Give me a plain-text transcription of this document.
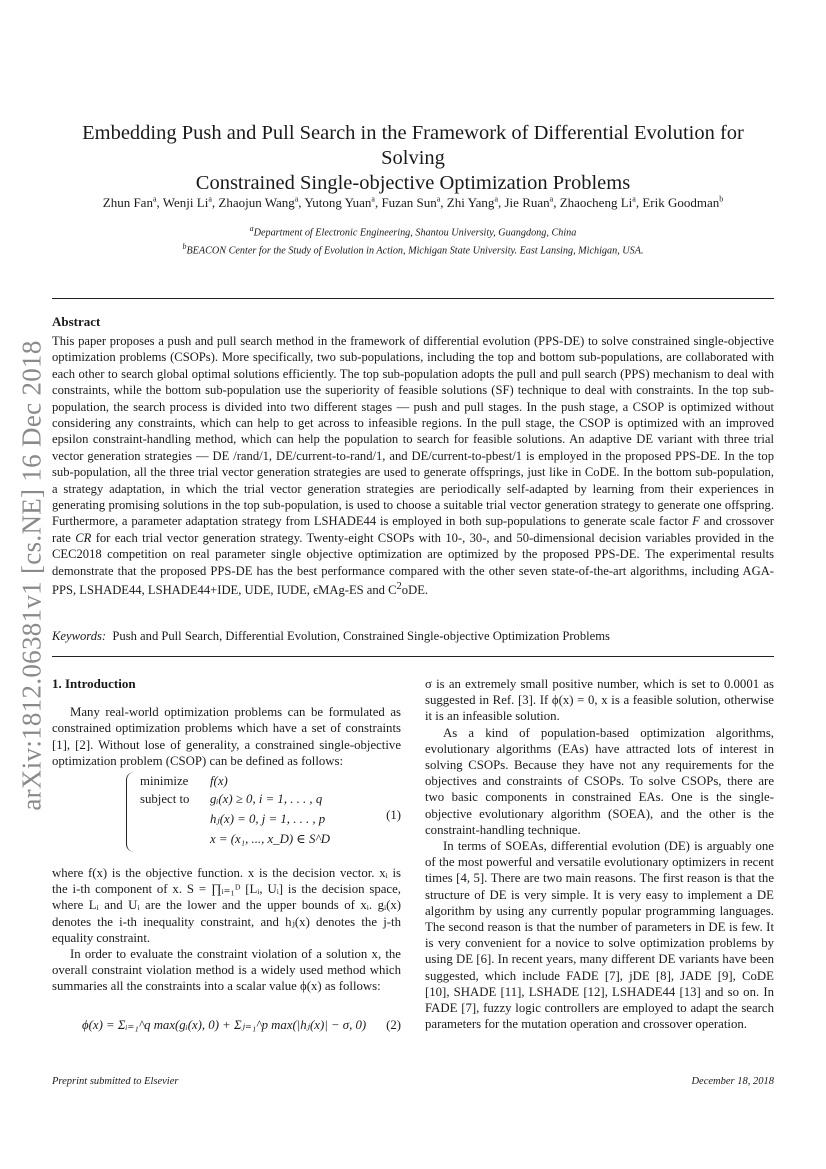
arXiv:1812.06381v1 [cs.NE] 16 Dec 2018
Embedding Push and Pull Search in the Framework of Differential Evolution for Solving
Constrained Single-objective Optimization Problems
Zhun Fan$^a$, Wenji Li$^a$, Zhaojun Wang$^a$, Yutong Yuan$^a$, Fuzan Sun$^a$, Zhi Yang$^a$, Jie Ruan$^a$, Zhaocheng Li$^a$, Erik Goodman$^b$
$^a$Department of Electronic Engineering, Shantou University, Guangdong, China
$^b$BEACON Center for the Study of Evolution in Action, Michigan State University. East Lansing, Michigan, USA.
Abstract
This paper proposes a push and pull search method in the framework of differential evolution (PPS-DE) to solve constrained single-objective optimization problems (CSOPs). More specifically, two sub-populations, including the top and bottom sub-populations, are collaborated with each other to search global optimal solutions efficiently. The top sub-population adopts the pull and pull search (PPS) mechanism to deal with constraints, while the bottom sub-population use the superiority of feasible solutions (SF) technique to deal with constraints. In the top sub-population, the search process is divided into two different stages — push and pull stages. In the push stage, a CSOP is optimized without considering any constraints, which can help to get across to infeasible regions. In the pull stage, the CSOP is optimized with an improved epsilon constraint-handling method, which can help the population to search for feasible solutions. An adaptive DE variant with three trial vector generation strategies — DE /rand/1, DE/current-to-rand/1, and DE/current-to-pbest/1 is employed in the proposed PPS-DE. In the top sub-population, all the three trial vector generation strategies are used to generate offsprings, just like in CoDE. In the bottom sub-population, a strategy adaptation, in which the trial vector generation strategies are periodically self-adapted by learning from their experiences in generating promising solutions in the top sub-population, is used to choose a suitable trial vector generation strategy to generate one offspring. Furthermore, a parameter adaptation strategy from LSHADE44 is employed in both sup-populations to generate scale factor F and crossover rate CR for each trial vector generation strategy. Twenty-eight CSOPs with 10-, 30-, and 50-dimensional decision variables provided in the CEC2018 competition on real parameter single objective optimization are optimized by the proposed PPS-DE. The experimental results demonstrate that the proposed PPS-DE has the best performance compared with the other seven state-of-the-art algorithms, including AGA-PPS, LSHADE44, LSHADE44+IDE, UDE, IUDE, ϵMAg-ES and $C^2oDE$.
Keywords: Push and Pull Search, Differential Evolution, Constrained Single-objective Optimization Problems

1. Introduction

Many real-world optimization problems can be formulated as constrained optimization problems which have a set of constraints [1], [2]. Without lose of generality, a constrained single-objective optimization problem (CSOP) can be defined as follows:

minimize f(x)
subject to gᵢ(x) ≥ 0, i = 1, . . . , q
hⱼ(x) = 0, j = 1, . . . , p
x = (x₁, ..., x_D) ∈ S^D
(1)

where f(x) is the objective function. x is the decision vector. xᵢ is the i-th component of x. S = ∏ᵢ₌₁ᴰ [Lᵢ, Uᵢ] is the decision space, where Lᵢ and Uᵢ are the lower and the upper bounds of xᵢ. gᵢ(x) denotes the i-th inequality constraint, and hⱼ(x) denotes the j-th equality constraint.

In order to evaluate the constraint violation of a solution x, the overall constraint violation method is a widely used method which summaries all the constraints into a scalar value ϕ(x) as follows:

ϕ(x) = Σᵢ₌₁^q max(gᵢ(x), 0) + Σⱼ₌₁^p max(|hⱼ(x)| − σ, 0) (2)

σ is an extremely small positive number, which is set to 0.0001 as suggested in Ref. [3]. If ϕ(x) = 0, x is a feasible solution, otherwise it is an infeasible solution.

As a kind of population-based optimization algorithms, evolutionary algorithms (EAs) have attracted lots of interest in solving CSOPs. Because they have not any requirements for the objectives and constraints of CSOPs. To solve CSOPs, there are two basic components in constrained EAs. One is the single-objective evolutionary algorithm (SOEA), and the other is the constraint-handling technique.

In terms of SOEAs, differential evolution (DE) is arguably one of the most powerful and versatile evolutionary optimizers in recent times [4, 5]. There are two main reasons. The first reason is that the structure of DE is very simple. It is very easy to implement a DE algorithm by using any currently popular programming languages. The second reason is that the number of parameters in DE is few. It is very convenient for a novice to solve optimization problems by using DE [6]. In recent years, many different DE variants have been suggested, which include FADE [7], jDE [8], JADE [9], CoDE [10], SHADE [11], LSHADE [12], LSHADE44 [13] and so on. In FADE [7], fuzzy logic controllers are employed to adapt the search parameters for the mutation operation and crossover operation.

Preprint submitted to Elsevier	December 18, 2018
